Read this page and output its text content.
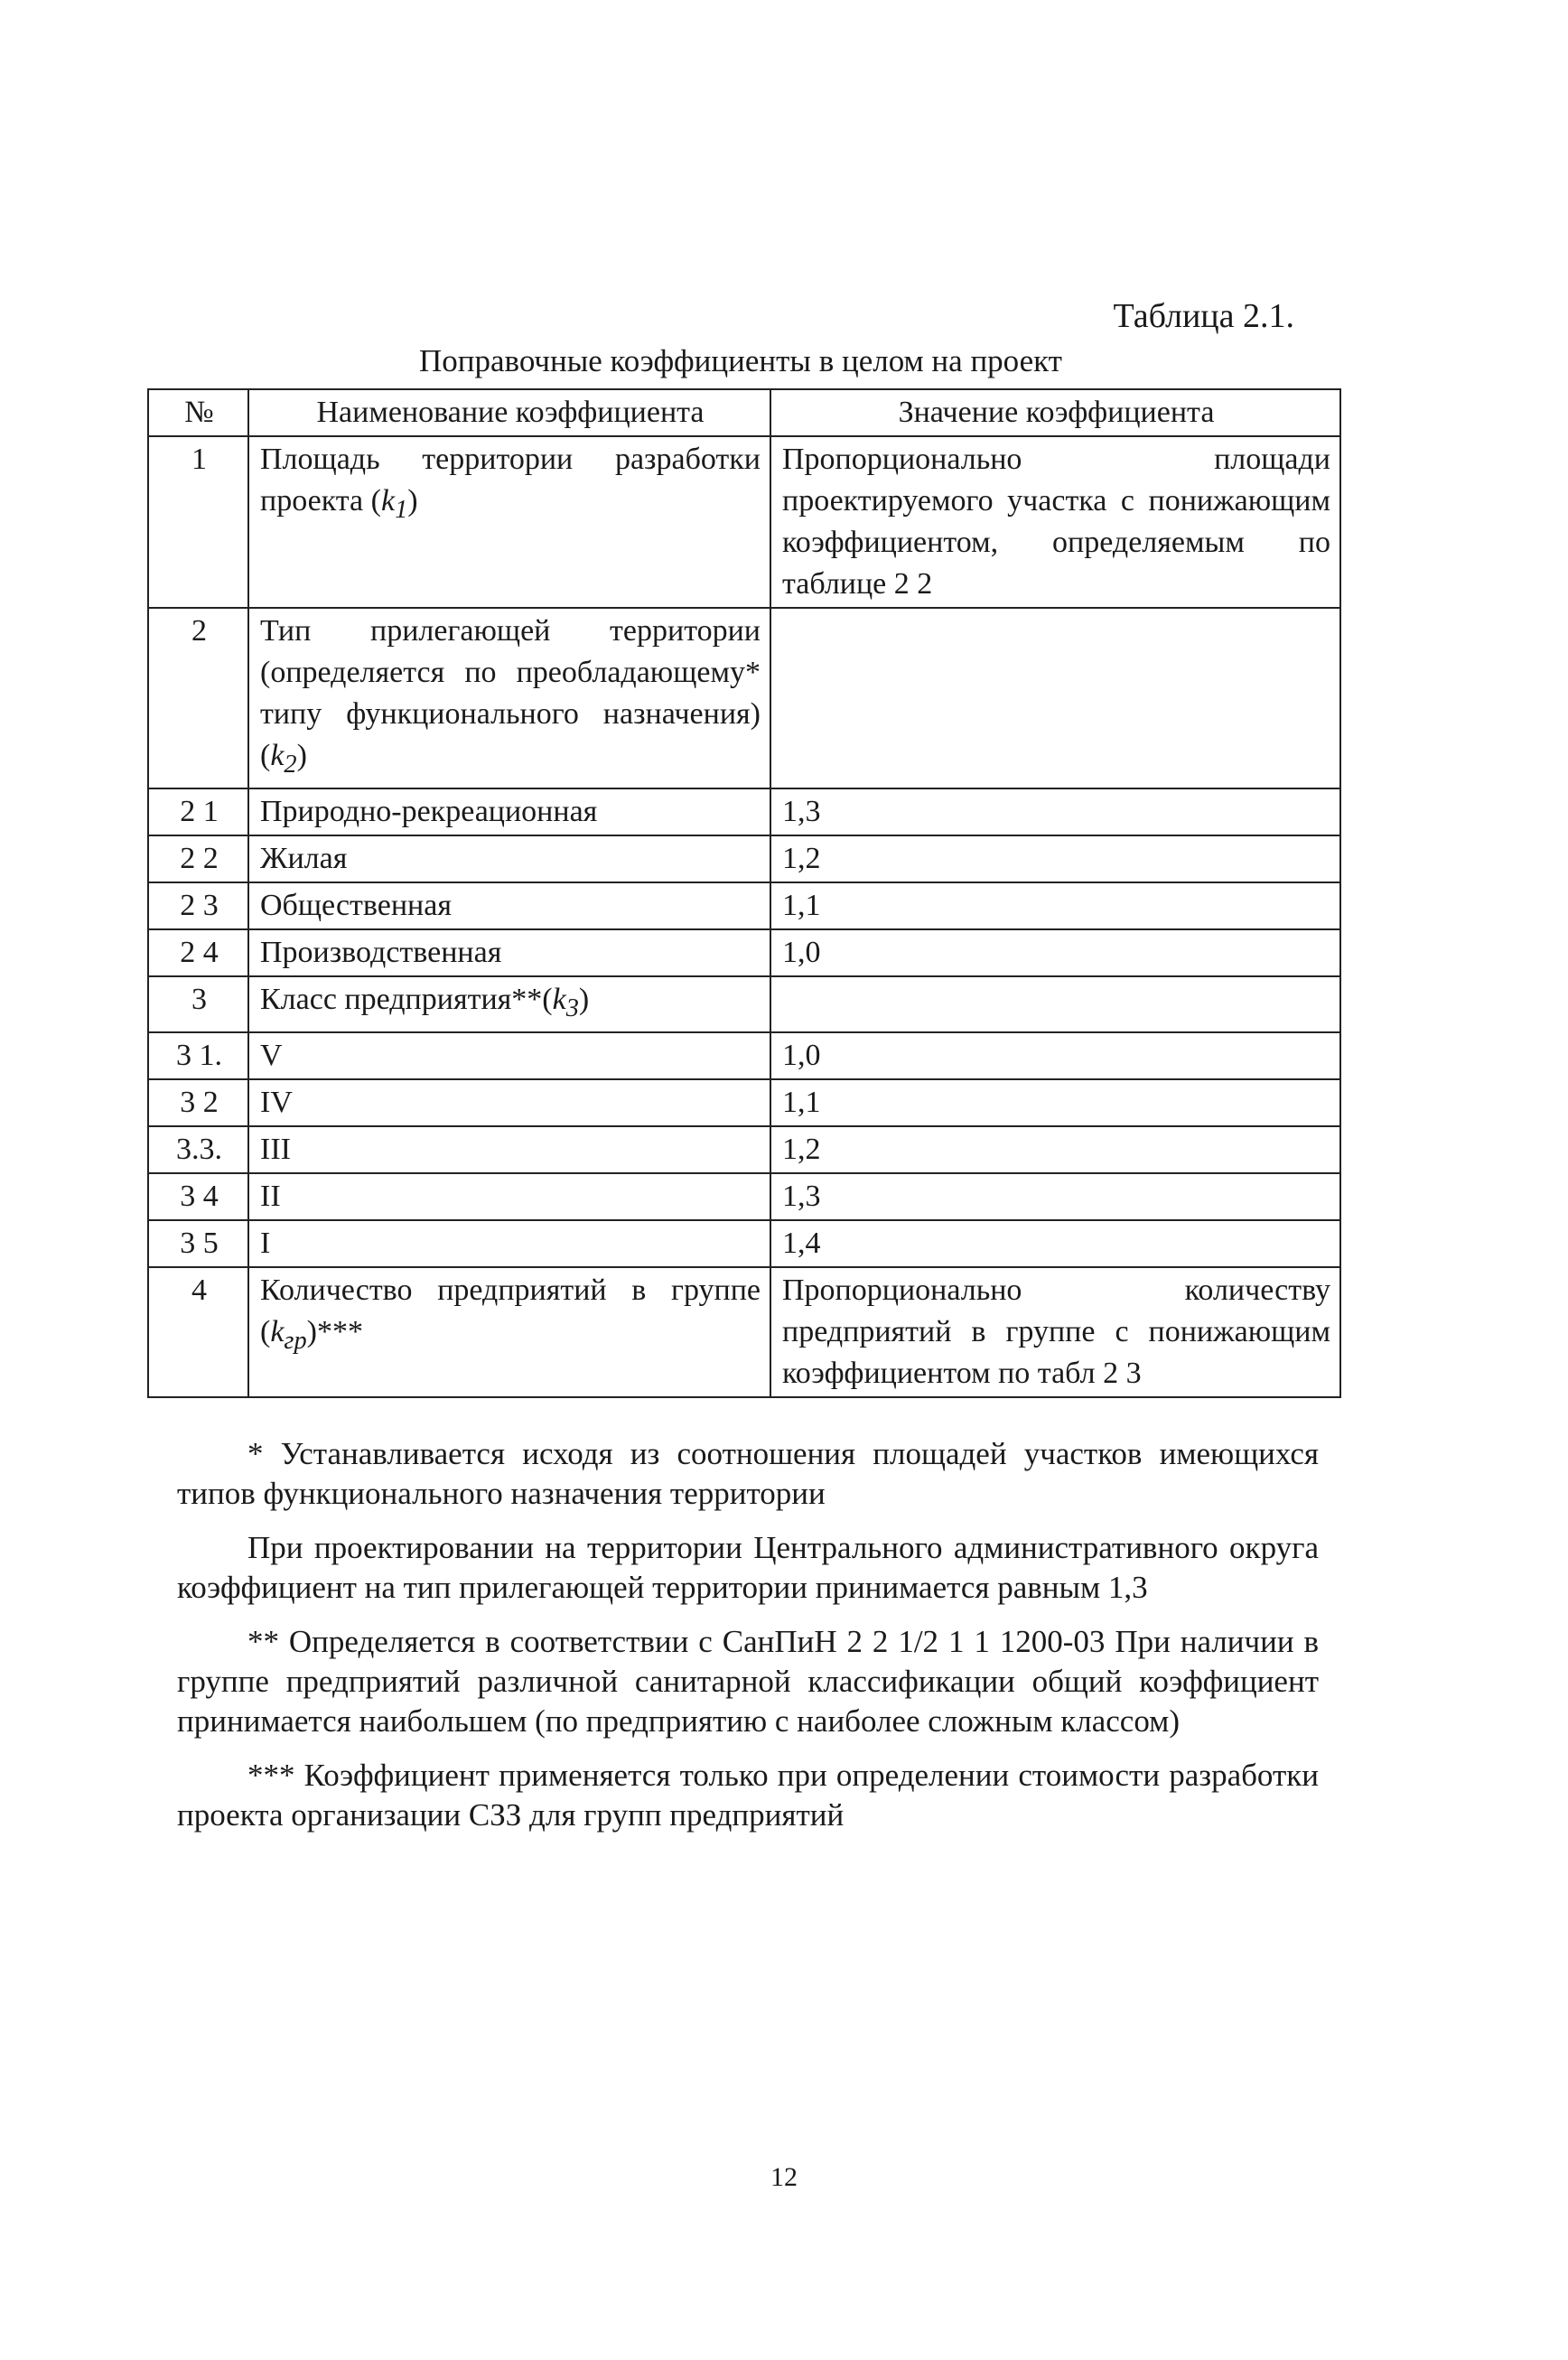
Таблица 2.1.
Поправочные коэффициенты в целом на проект
№	Наименование коэффициента	Значение коэффициента
1	Площадь территории разработки проекта $(k_1)$	Пропорционально площади проектируемого участка с понижающим коэффициентом, определяемым по таблице 2 2
2	Тип прилегающей территории (определяется по преобладающему* типу функционального назначения) $(k_2)$	
2 1	Природно-рекреационная	1,3
2 2	Жилая	1,2
2 3	Общественная	1,1
2 4	Производственная	1,0
3	Класс $предприятия**(k_3)$	
3 1.	V	1,0
3 2	IV	1,1
3.3.	III	1,2
3 4	II	1,3
3 5	I	1,4
4	Количество предприятий в группе $(k_{гр})***$	Пропорционально количеству предприятий в группе с понижающим коэффициентом по табл 2 3

* Устанавливается исходя из соотношения площадей участков имеющихся типов функционального назначения территории

При проектировании на территории Центрального административного округа коэффициент на тип прилегающей территории принимается равным 1,3

** Определяется в соответствии с СанПиН 2 2 1/2 1 1 1200-03 При наличии в группе предприятий различной санитарной классификации общий коэффициент принимается наибольшем (по предприятию с наиболее сложным классом)

*** Коэффициент применяется только при определении стоимости разработки проекта организации СЗЗ для групп предприятий

12
